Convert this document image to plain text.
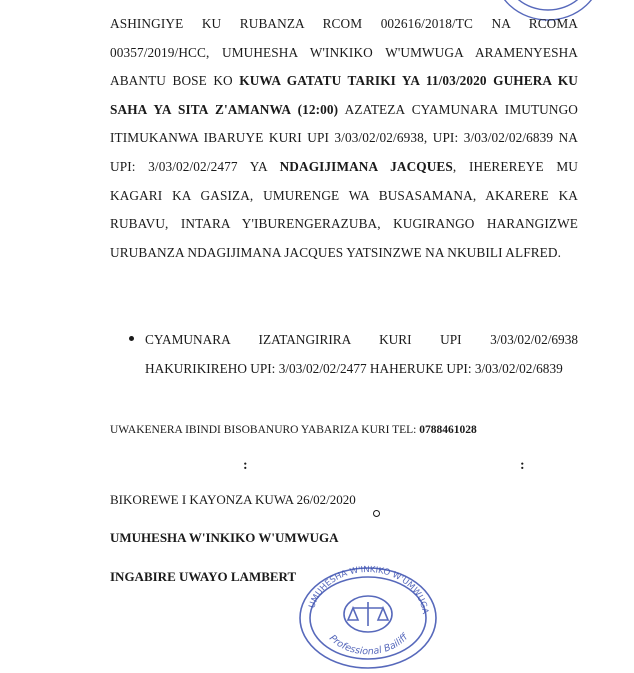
ASHINGIYE KU RUBANZA RCOM 002616/2018/TC NA RCOMA 00357/2019/HCC, UMUHESHA W'INKIKO W'UMWUGA ARAMENYESHA ABANTU BOSE KO KUWA GATATU TARIKI YA 11/03/2020 GUHERA KU SAHA YA SITA Z'AMANWA (12:00) AZATEZA CYAMUNARA IMUTUNGO ITIMUKANWA IBARUYE KURI UPI 3/03/02/02/6938, UPI: 3/03/02/02/6839 NA UPI: 3/03/02/02/2477 YA NDAGIJIMANA JACQUES, IHEREREYE MU KAGARI KA GASIZA, UMURENGE WA BUSASAMANA, AKARERE KA RUBAVU, INTARA Y'IBURENGERAZUBA, KUGIRANGO HARANGIZWE URUBANZA NDAGIJIMANA JACQUES YATSINZWE NA NKUBILI ALFRED.
CYAMUNARA IZATANGIRIRA KURI UPI 3/03/02/02/6938 HAKURIKIREHO UPI: 3/03/02/02/2477 HAHERUKE UPI: 3/03/02/02/6839
UWAKENERA IBINDI BISOBANURO YABARIZA KURI TEL: 0788461028
:	:
BIKOREWE I KAYONZA KUWA 26/02/2020
UMUHESHA W'INKIKO W'UMWUGA
INGABIRE UWAYO LAMBERT
UMUHESHA W'INKIKO W'UMWUGA
Professional Bailiff
